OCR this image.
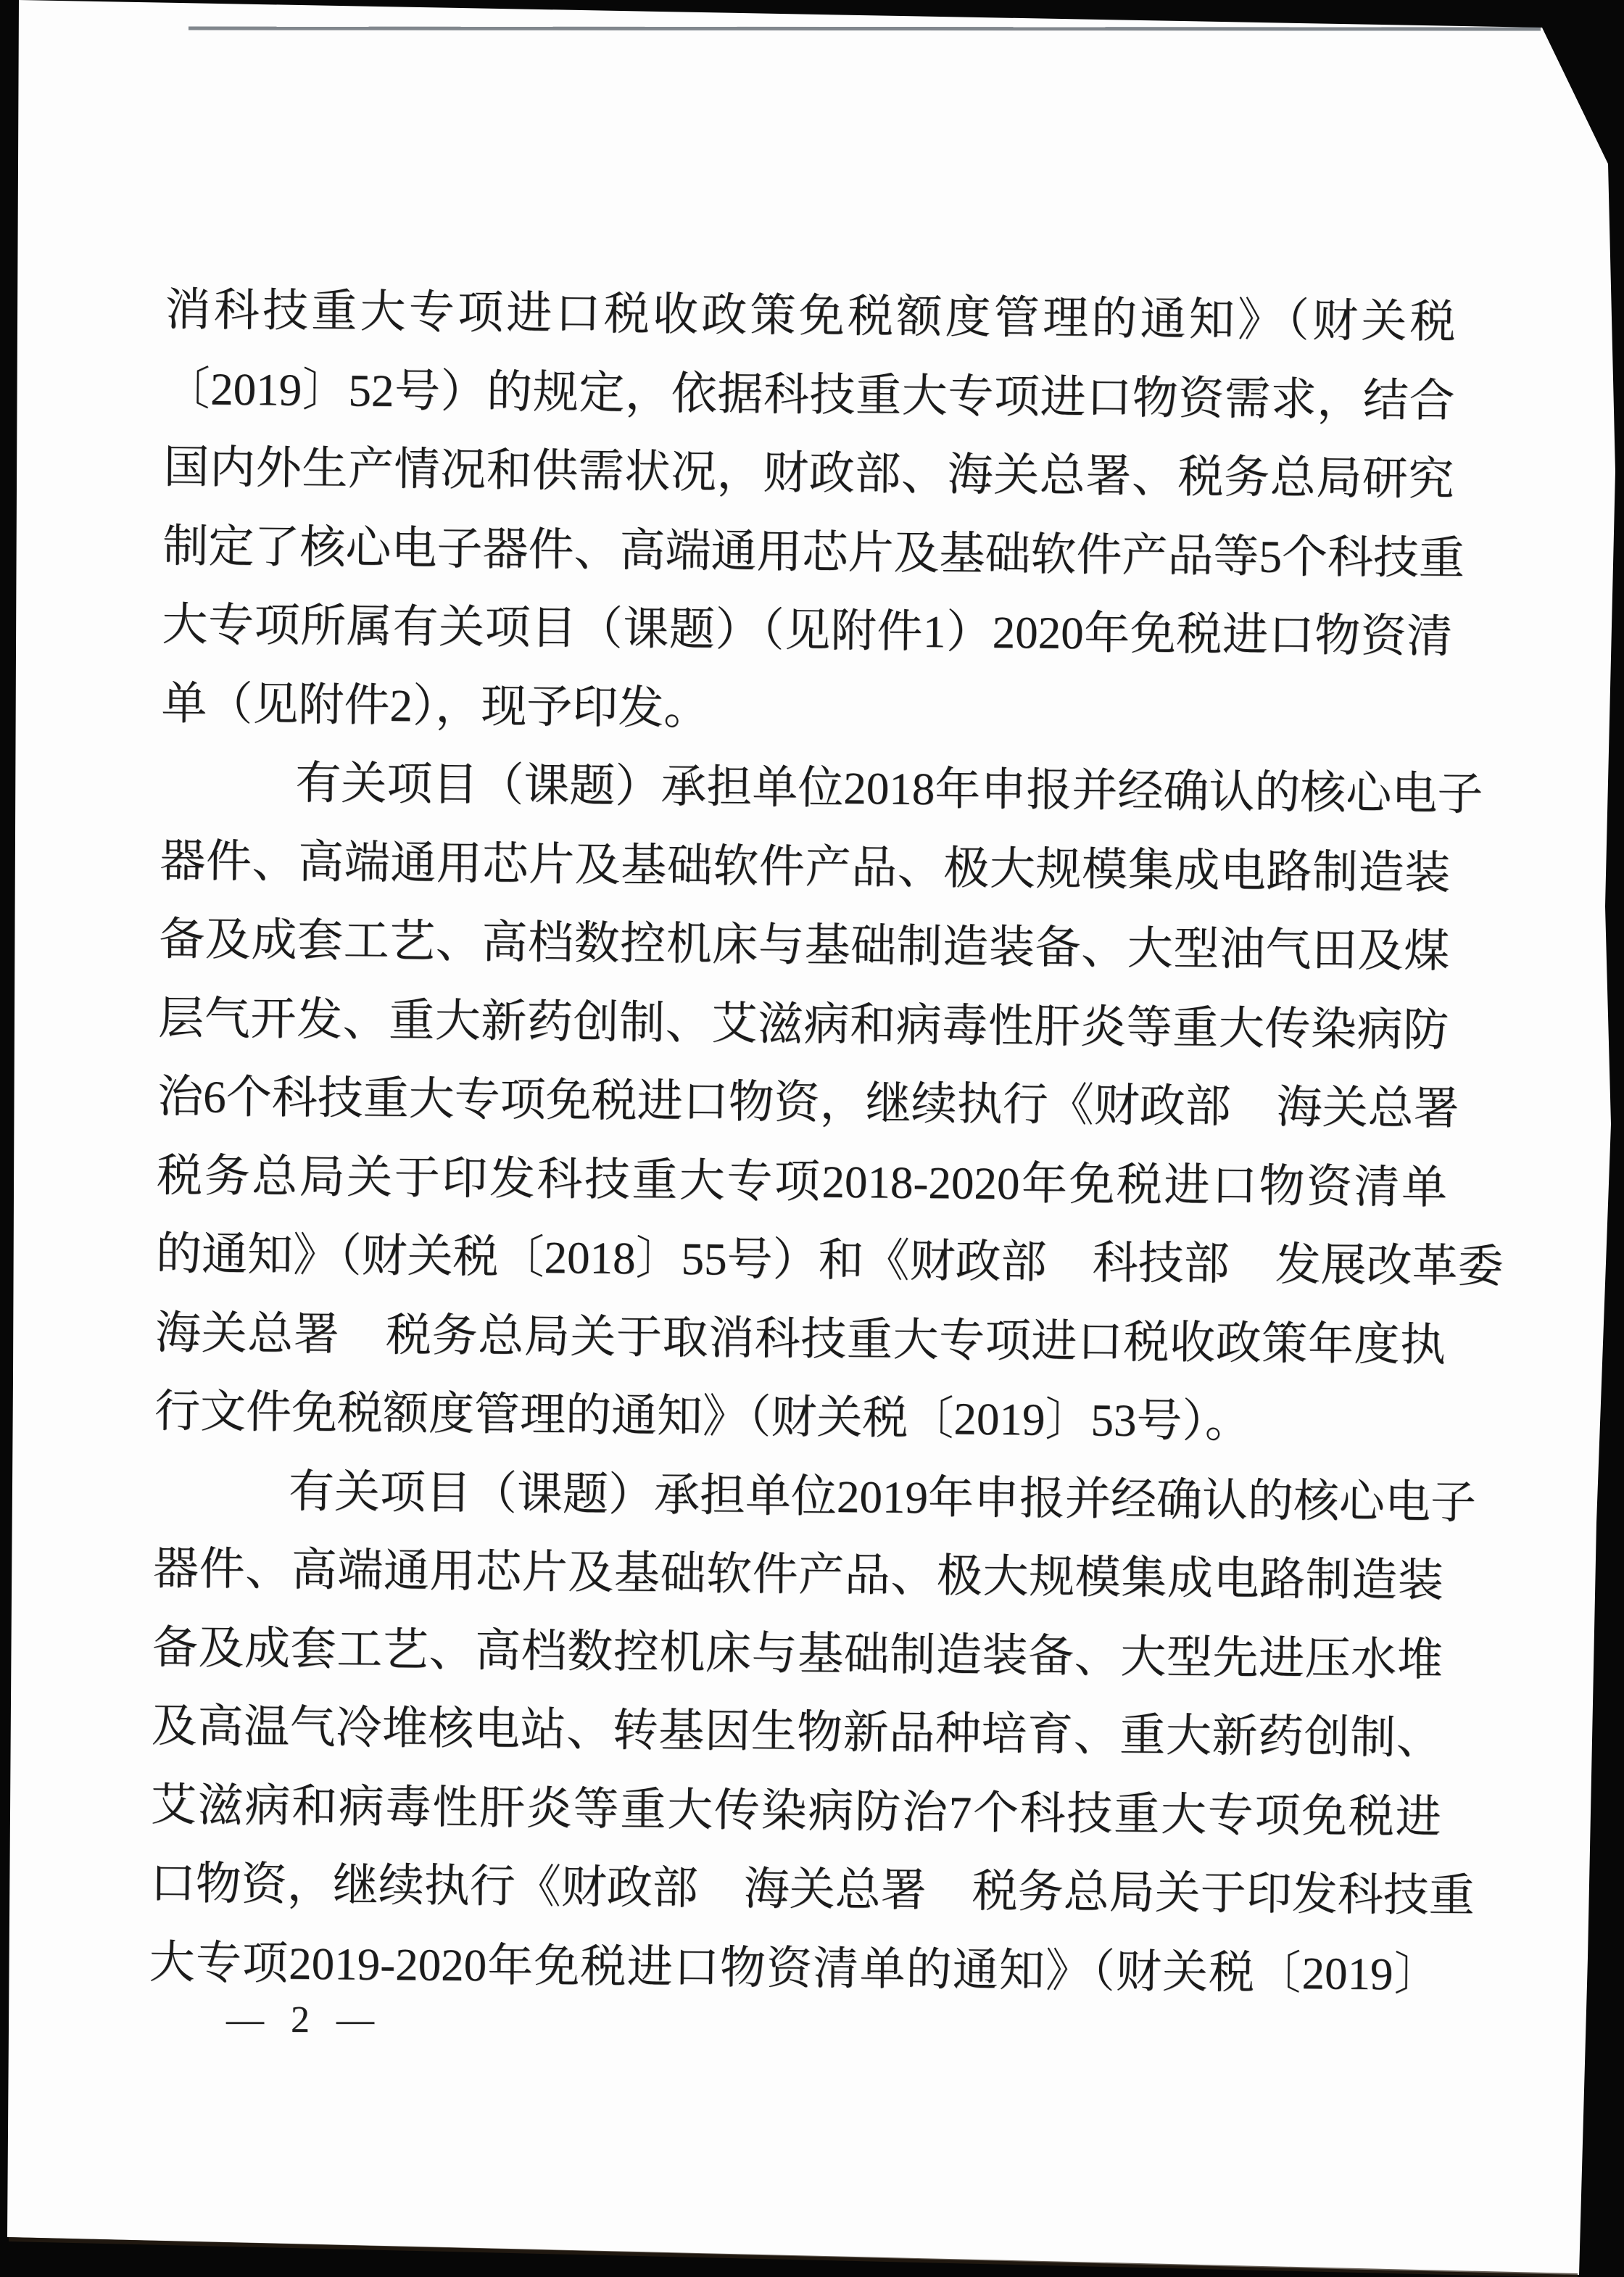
消科技重大专项进口税收政策免税额度管理的通知》（财关税
〔2019〕52号）的规定，依据科技重大专项进口物资需求，结合
国内外生产情况和供需状况，财政部、海关总署、税务总局研究
制定了核心电子器件、高端通用芯片及基础软件产品等5个科技重
大专项所属有关项目（课题）（见附件1）2020年免税进口物资清
单（见附件2），现予印发。
有关项目（课题）承担单位2018年申报并经确认的核心电子
器件、高端通用芯片及基础软件产品、极大规模集成电路制造装
备及成套工艺、高档数控机床与基础制造装备、大型油气田及煤
层气开发、重大新药创制、艾滋病和病毒性肝炎等重大传染病防
治6个科技重大专项免税进口物资，继续执行《财政部　海关总署
税务总局关于印发科技重大专项2018-2020年免税进口物资清单
的通知》（财关税〔2018〕55号）和《财政部　科技部　发展改革委
海关总署　税务总局关于取消科技重大专项进口税收政策年度执
行文件免税额度管理的通知》（财关税〔2019〕53号）。
有关项目（课题）承担单位2019年申报并经确认的核心电子
器件、高端通用芯片及基础软件产品、极大规模集成电路制造装
备及成套工艺、高档数控机床与基础制造装备、大型先进压水堆
及高温气冷堆核电站、转基因生物新品种培育、重大新药创制、
艾滋病和病毒性肝炎等重大传染病防治7个科技重大专项免税进
口物资，继续执行《财政部　海关总署　税务总局关于印发科技重
大专项2019-2020年免税进口物资清单的通知》（财关税〔2019〕
— 2 —
